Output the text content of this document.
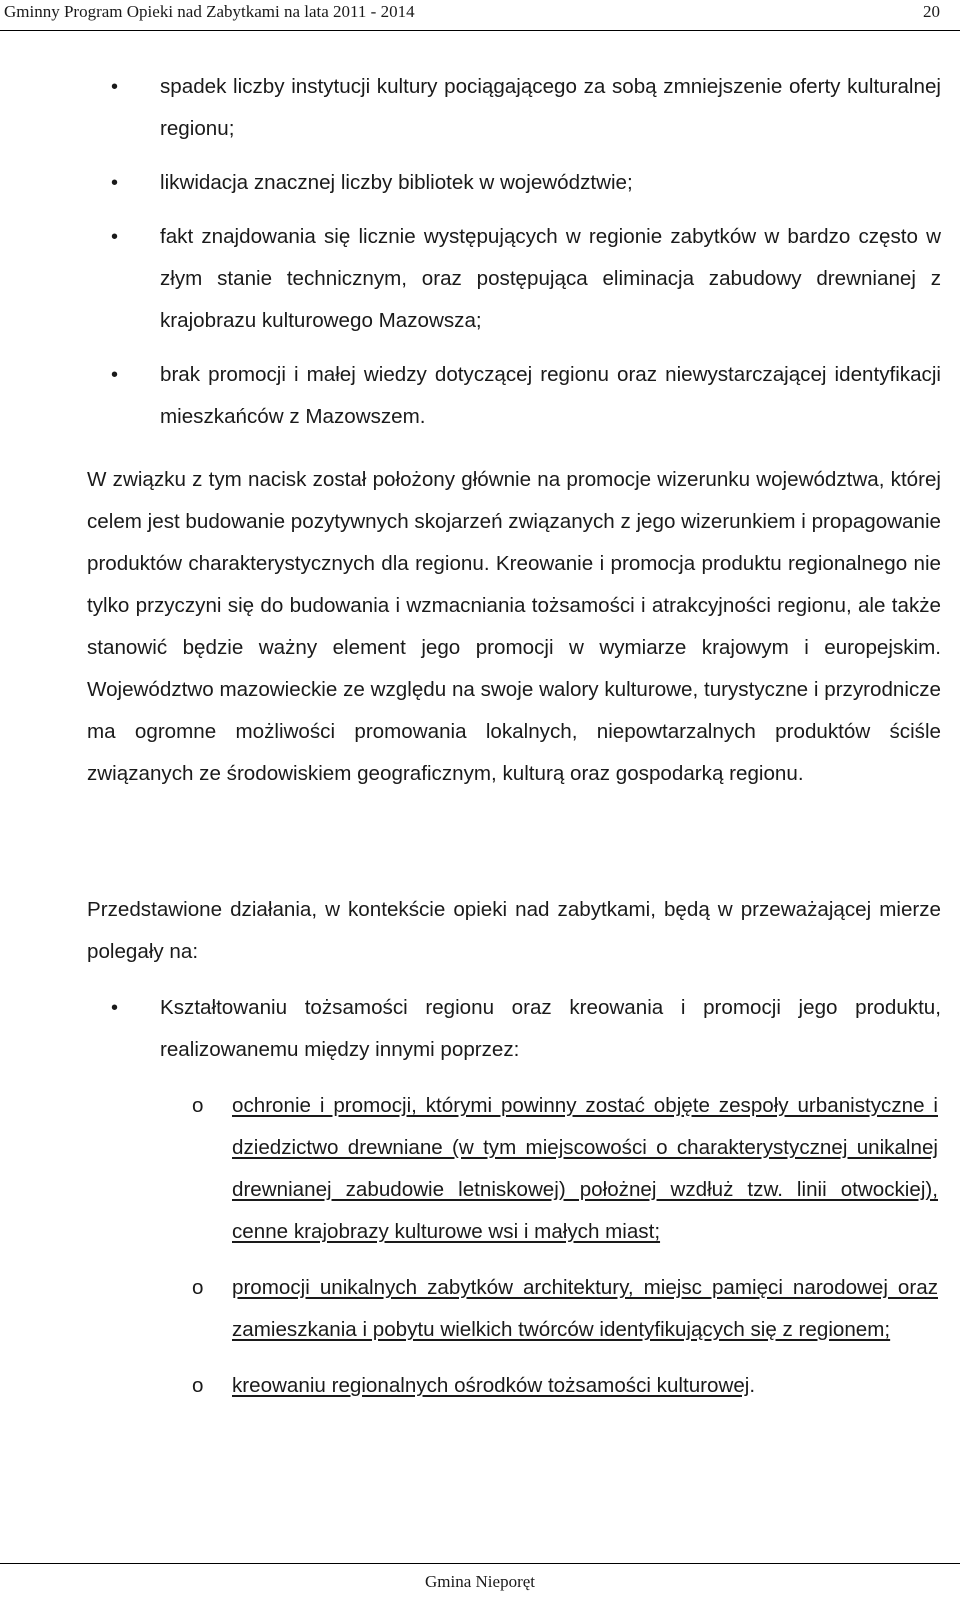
Gminny Program Opieki nad Zabytkami na lata 2011 - 2014	20
• spadek liczby instytucji kultury pociągającego za sobą zmniejszenie oferty kulturalnej regionu;
• likwidacja znacznej liczby bibliotek w województwie;
• fakt znajdowania się licznie występujących w regionie zabytków w bardzo często w złym stanie technicznym, oraz postępująca eliminacja zabudowy drewnianej z krajobrazu kulturowego Mazowsza;
• brak promocji i małej wiedzy dotyczącej regionu oraz niewystarczającej identyfikacji mieszkańców z Mazowszem.

W związku z tym nacisk został położony głównie na promocje wizerunku województwa, której celem jest budowanie pozytywnych skojarzeń związanych z jego wizerunkiem i propagowanie produktów charakterystycznych dla regionu. Kreowanie i promocja produktu regionalnego nie tylko przyczyni się do budowania i wzmacniania tożsamości i atrakcyjności regionu, ale także stanowić będzie ważny element jego promocji w wymiarze krajowym i europejskim. Województwo mazowieckie ze względu na swoje walory kulturowe, turystyczne i przyrodnicze ma ogromne możliwości promowania lokalnych, niepowtarzalnych produktów ściśle związanych ze środowiskiem geograficznym, kulturą oraz gospodarką regionu.

Przedstawione działania, w kontekście opieki nad zabytkami, będą w przeważającej mierze polegały na:

• Kształtowaniu tożsamości regionu oraz kreowania i promocji jego produktu, realizowanemu między innymi poprzez:
o ochronie i promocji, którymi powinny zostać objęte zespoły urbanistyczne i dziedzictwo drewniane (w tym miejscowości o charakterystycznej unikalnej drewnianej zabudowie letniskowej) położnej wzdłuż tzw. linii otwockiej), cenne krajobrazy kulturowe wsi i małych miast;
o promocji unikalnych zabytków architektury, miejsc pamięci narodowej oraz zamieszkania i pobytu wielkich twórców identyfikujących się z regionem;
o kreowaniu regionalnych ośrodków tożsamości kulturowej.
Gmina Nieporęt
